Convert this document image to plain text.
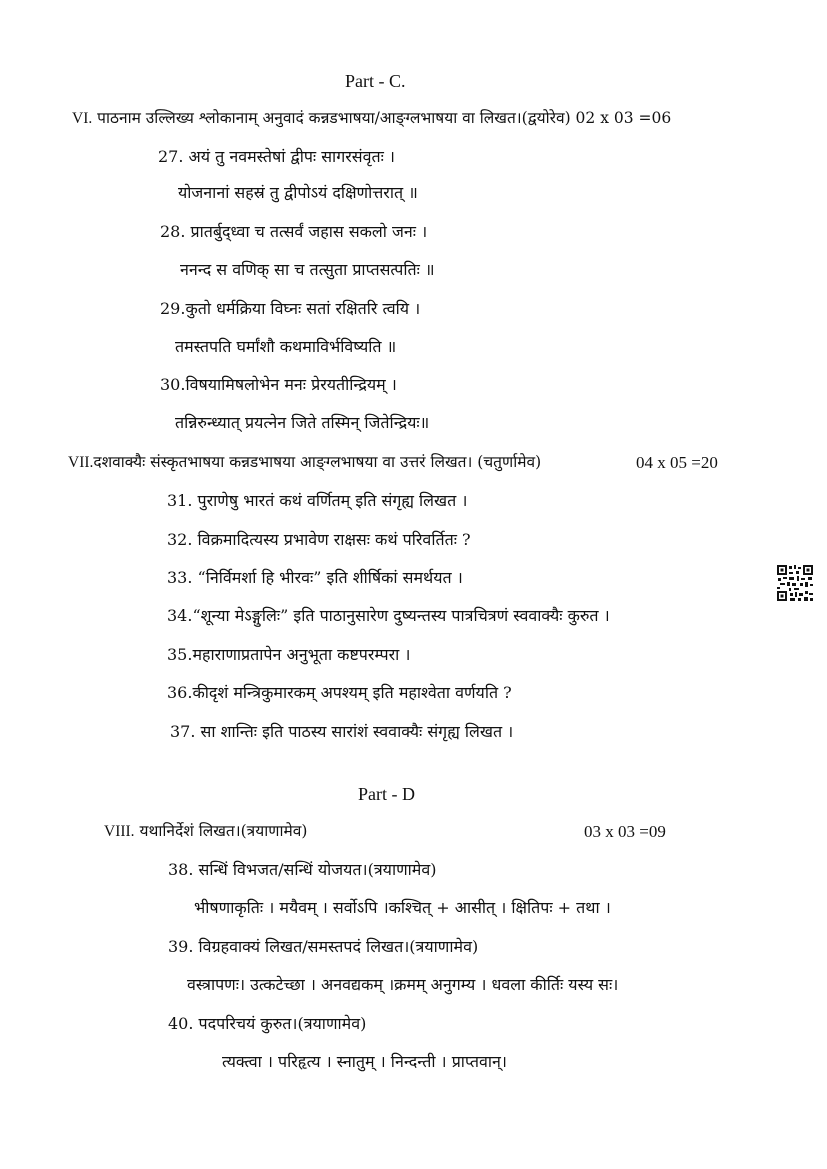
Part - C.
VI. पाठनाम उल्लिख्य श्लोकानाम् अनुवादं कन्नडभाषया/आङ्ग्लभाषया वा लिखत।(द्वयोरेव) 02 x 03 =06
27. अयं तु नवमस्तेषां द्वीपः सागरसंवृतः ।
योजनानां सहस्रं तु द्वीपोऽयं दक्षिणोत्तरात् ॥
28. प्रातर्बुद्ध्वा च तत्सर्वं जहास सकलो जनः ।
ननन्द स वणिक् सा च तत्सुता प्राप्तसत्पतिः ॥
29.कुतो धर्मक्रिया विघ्नः सतां रक्षितरि त्वयि ।
तमस्तपति घर्मांशौ कथमाविर्भविष्यति ॥
30.विषयामिषलोभेन मनः प्रेरयतीन्द्रियम् ।
तन्निरुन्ध्यात् प्रयत्नेन जिते तस्मिन् जितेन्द्रियः॥
VII.दशवाक्यैः संस्कृतभाषया कन्नडभाषया आङ्ग्लभाषया वा उत्तरं लिखत। (चतुर्णामेव)	04 x 05 =20
31. पुराणेषु भारतं कथं वर्णितम् इति संगृह्य लिखत ।
32. विक्रमादित्यस्य प्रभावेण राक्षसः कथं परिवर्तितः ?
33. “निर्विमर्शा हि भीरवः” इति शीर्षिकां समर्थयत ।
34.“शून्या मेऽङ्गुलिः” इति पाठानुसारेण दुष्यन्तस्य पात्रचित्रणं स्ववाक्यैः कुरुत ।
35.महाराणाप्रतापेन अनुभूता कष्टपरम्परा ।
36.कीदृशं मन्त्रिकुमारकम् अपश्यम् इति महाश्वेता वर्णयति ?
37. सा शान्तिः इति पाठस्य सारांशं स्ववाक्यैः संगृह्य लिखत ।
Part - D
VIII. यथानिर्देशं लिखत।(त्रयाणामेव)	03 x 03 =09
38. सन्धिं विभजत/सन्धिं योजयत।(त्रयाणामेव)
भीषणाकृतिः । मयैवम् । सर्वोऽपि ।कश्चित् + आसीत् । क्षितिपः + तथा ।
39. विग्रहवाक्यं लिखत/समस्तपदं लिखत।(त्रयाणामेव)
वस्त्रापणः। उत्कटेच्छा । अनवद्यकम् ।क्रमम् अनुगम्य । धवला कीर्तिः यस्य सः।
40. पदपरिचयं कुरुत।(त्रयाणामेव)
त्यक्त्वा । परिहृत्य । स्नातुम् । निन्दन्ती । प्राप्तवान्।
